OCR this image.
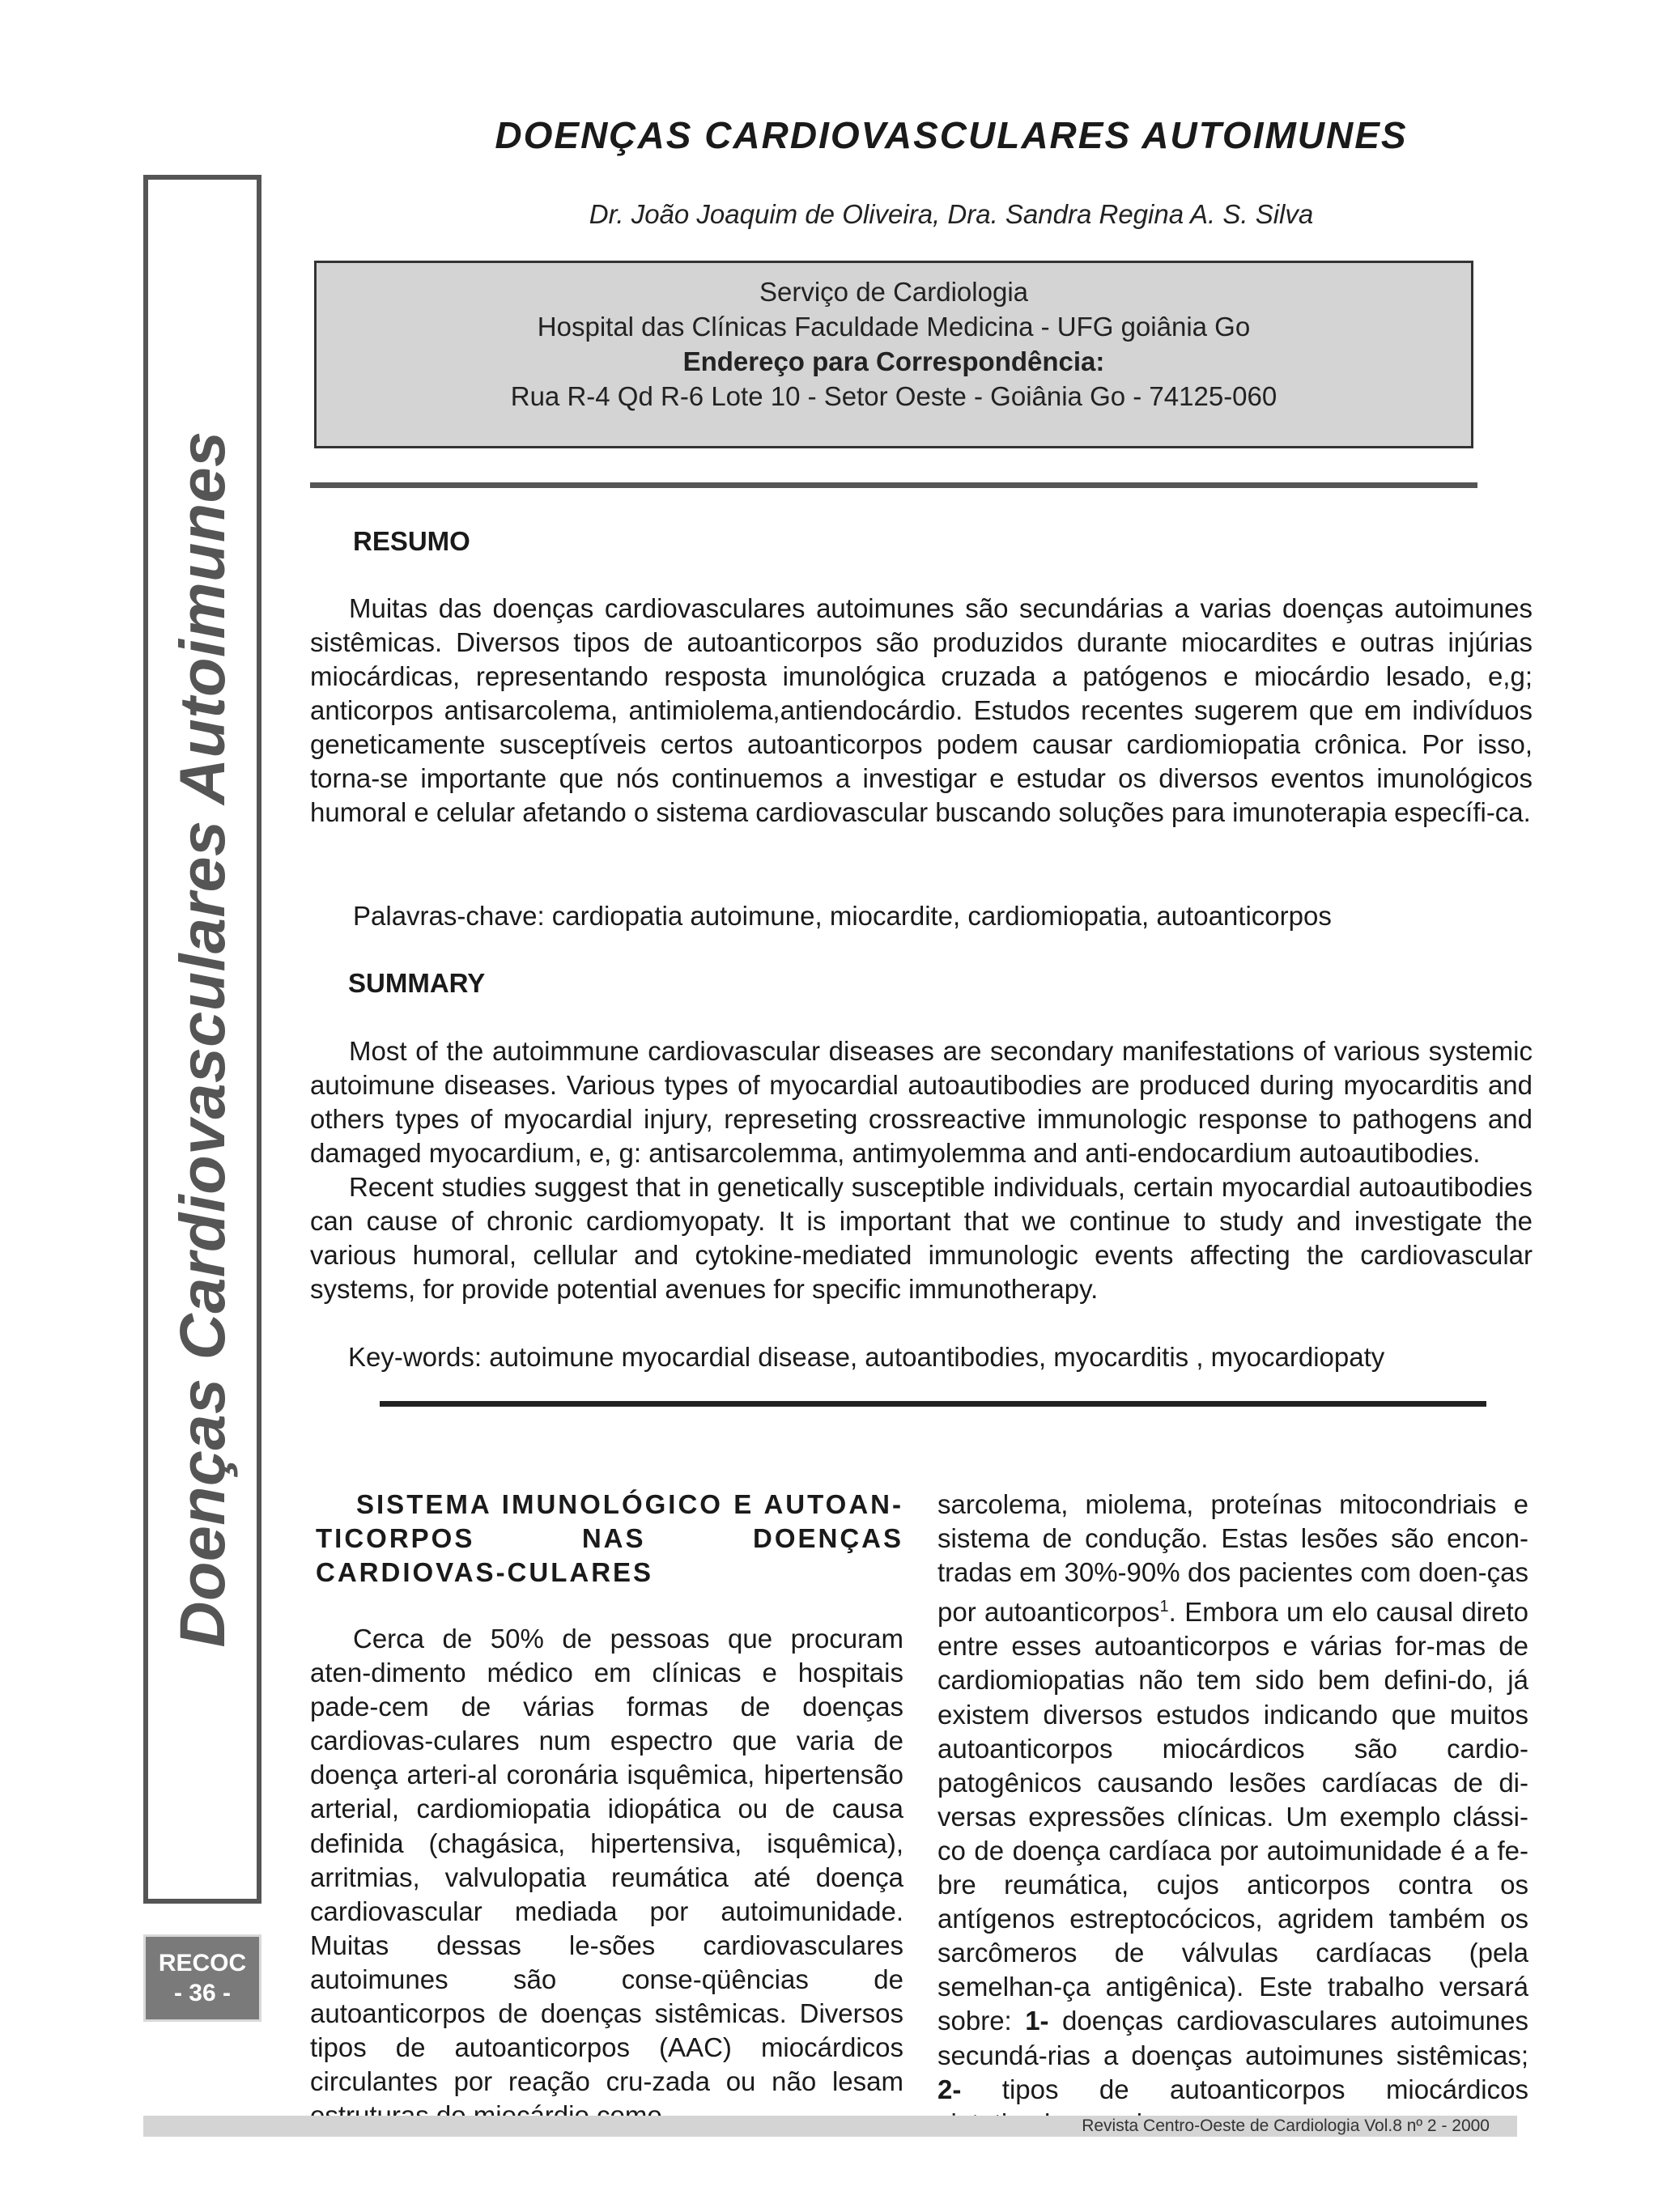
Doenças Cardiovasculares Autoimunes
RECOC
- 36 -
DOENÇAS CARDIOVASCULARES AUTOIMUNES
Dr. João Joaquim de Oliveira, Dra. Sandra Regina A. S. Silva
Serviço de Cardiologia
Hospital das Clínicas Faculdade Medicina - UFG goiânia Go
Endereço para Correspondência:
Rua R-4 Qd R-6 Lote 10 - Setor Oeste - Goiânia Go - 74125-060
RESUMO
Muitas das doenças cardiovasculares autoimunes são secundárias a varias doenças autoimunes sistêmicas. Diversos tipos de autoanticorpos são produzidos durante miocardites e outras injúrias miocárdicas, representando resposta imunológica cruzada a patógenos e miocárdio lesado, e,g; anticorpos antisarcolema, antimiolema,antiendocárdio. Estudos recentes sugerem que em indivíduos geneticamente susceptíveis certos autoanticorpos podem causar cardiomiopatia crônica. Por isso, torna-se importante que nós continuemos a investigar e estudar os diversos eventos imunológicos humoral e celular afetando o sistema cardiovascular buscando soluções para imunoterapia específi-ca.
Palavras-chave: cardiopatia autoimune, miocardite, cardiomiopatia, autoanticorpos
SUMMARY
Most of the autoimmune cardiovascular diseases are secondary manifestations of various systemic autoimune diseases. Various types of myocardial autoautibodies are produced during myocarditis and others types of myocardial injury, represeting crossreactive immunologic response to pathogens and damaged myocardium, e, g: antisarcolemma, antimyolemma and anti-endocardium autoautibodies.
Recent studies suggest that in genetically susceptible individuals, certain myocardial autoautibodies can cause of chronic cardiomyopaty. It is important that we continue to study and investigate the various humoral, cellular and cytokine-mediated immunologic events affecting the cardiovascular systems, for provide potential avenues for specific immunotherapy.
Key-words: autoimune myocardial disease, autoantibodies, myocarditis , myocardiopaty
SISTEMA IMUNOLÓGICO E AUTOAN-TICORPOS NAS DOENÇAS CARDIOVAS-CULARES
Cerca de 50% de pessoas que procuram aten-dimento médico em clínicas e hospitais pade-cem de várias formas de doenças cardiovas-culares num espectro que varia de doença arteri-al coronária isquêmica, hipertensão arterial, cardiomiopatia idiopática ou de causa definida (chagásica, hipertensiva, isquêmica), arritmias, valvulopatia reumática até doença cardiovascular mediada por autoimunidade. Muitas dessas le-sões cardiovasculares autoimunes são conse-qüências de autoanticorpos de doenças sistêmicas. Diversos tipos de autoanticorpos (AAC) miocárdicos circulantes por reação cru-zada ou não lesam
sarcolema, miolema, proteínas mitocondriais e sistema de condução. Estas lesões são encon-tradas em 30%-90% dos pacientes com doen-ças por autoanticorpos$^1$. Embora um elo causal direto entre esses autoanticorpos e várias for-mas de cardiomiopatias não tem sido bem defini-do, já existem diversos estudos indicando que muitos autoanticorpos miocárdicos são cardio-patogênicos causando lesões cardíacas de di-versas expressões clínicas. Um exemplo clássi-co de doença cardíaca por autoimunidade é a fe-bre reumática, cujos anticorpos contra os antígenos estreptocócicos, agridem também os sarcômeros de válvulas cardíacas (pela semelhan-ça antigênica). Este trabalho versará sobre: 1- doenças cardiovasculares autoimunes secundá-rias a doenças autoimunes sistêmicas; 2- tipos de autoanticorpos miocárdicos
Revista Centro-Oeste de Cardiologia Vol.8 nº 2 - 2000
